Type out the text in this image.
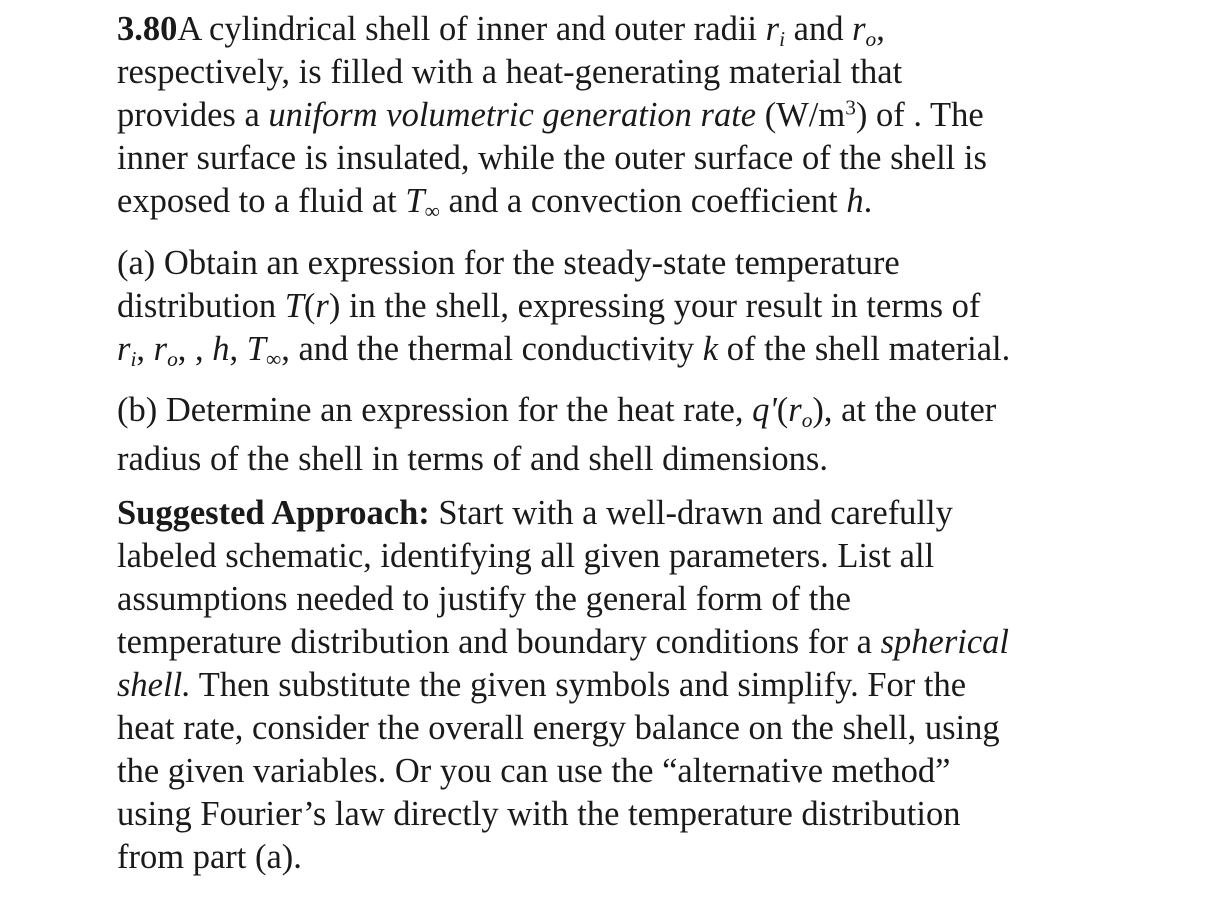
3.80A cylindrical shell of inner and outer radii $r_i$ and $r_o$,
respectively, is filled with a heat-generating material that
provides a uniform volumetric generation rate $(W/m^3)$ of . The
inner surface is insulated, while the outer surface of the shell is
exposed to a fluid at $T_\infty$ and a convection coefficient h.
(a) Obtain an expression for the steady-state temperature
distribution T(r) in the shell, expressing your result in terms of
$r_i$, $r_o$, , h, $T_\infty$, and the thermal conductivity k of the shell material.
(b) Determine an expression for the heat rate, $q'(r_o)$, at the outer
radius of the shell in terms of and shell dimensions.
Suggested Approach: Start with a well-drawn and carefully
labeled schematic, identifying all given parameters. List all
assumptions needed to justify the general form of the
temperature distribution and boundary conditions for a spherical
shell. Then substitute the given symbols and simplify. For the
heat rate, consider the overall energy balance on the shell, using
the given variables. Or you can use the “alternative method”
using Fourier’s law directly with the temperature distribution
from part (a).
